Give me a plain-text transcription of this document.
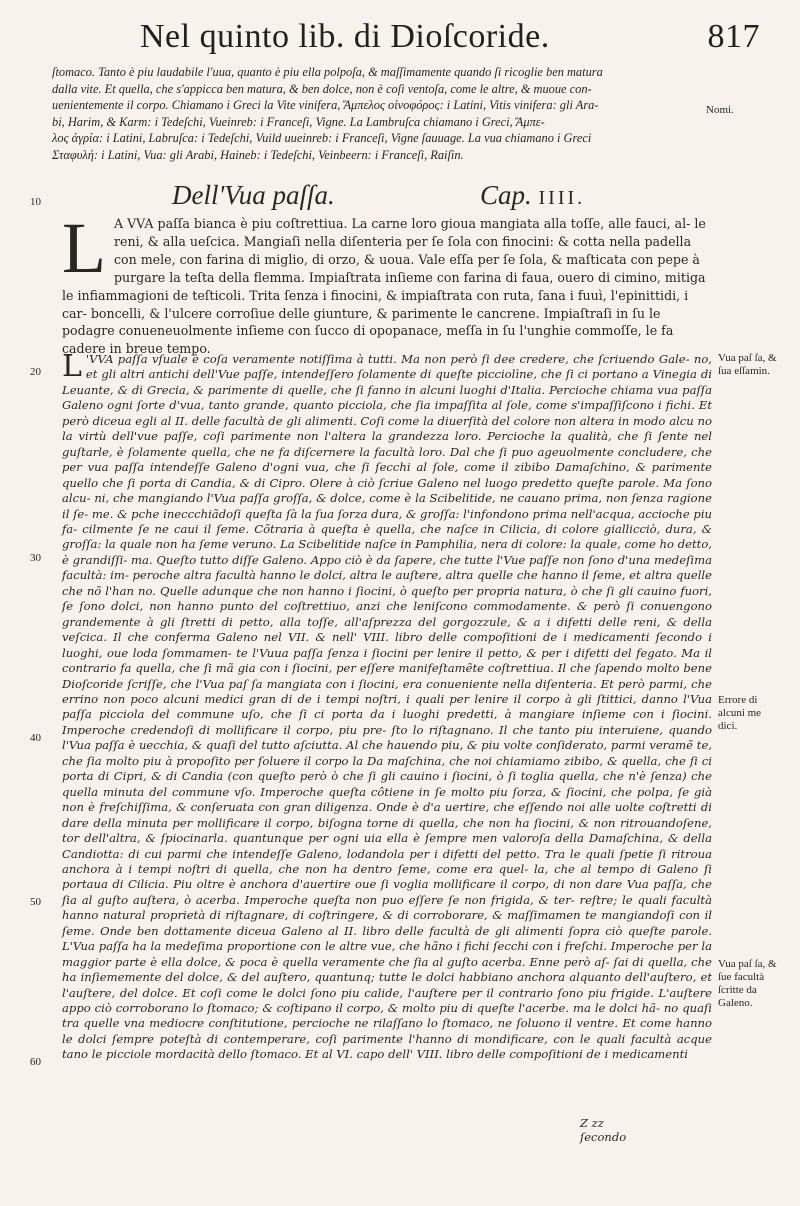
Nel quinto lib. di Dioſcoride.	817

ſtomaco. Tanto è piu laudabile l'uua, quanto è piu ella polpoſa, & maſſimamente quando ſi ricoglie ben matura

dalla vite. Et quella, che s'appicca ben matura, & ben dolce, non è coſi ventoſa, come le altre, & muoue con-

uenientemente il corpo. Chiamano i Greci la Vite vinifera, Ἄμπελος οἰνοφόρος: i Latini, Vitis vinifera: gli Ara-

bi, Harim, & Karm: i Tedeſchi, Vueinreb: i Franceſi, Vigne. La Lambruſca chiamano i Greci, Ἄμπε-

λος ἀγρία: i Latini, Labruſca: i Tedeſchi, Vuild uueinreb: i Franceſi, Vigne ſauuage. La vua chiamano i Greci

Σταφυλή: i Latini, Vua: gli Arabi, Haineb: i Tedeſchi, Veinbeern: i Franceſi, Raiſin.

Nomi.
Dell'Vua paſſa.	Cap. IIII.
L A VVA paſſa bianca è piu coſtrettiua. La carne loro gioua mangiata alla toſſe, alle fauci, al- le reni, & alla ueſcica. Mangiaſi nella diſenteria per ſe ſola con finocini: & cotta nella padella con mele, con farina di miglio, di orzo, & uoua. Vale eſſa per ſe ſola, & maſticata con pepe à purgare la teſta della flemma. Impiaſtrata inſieme con farina di faua, ouero di cimino, mitiga le infiammagioni de teſticoli. Trita ſenza i finocini, & impiaſtrata con ruta, ſana i fuuì, l'epinittidi, i car- boncelli, & l'ulcere corroſiue delle giunture, & parimente le cancrene. Impiaſtraſi in ſu le podagre conueneuolmente inſieme con ſucco di opopanace, meſſa in ſu l'unghie commoſſe, le fa cadere in breue tempo.
L 'VVA paſſa vſuale è coſa veramente notiſſima à tutti. Ma non però ſi dee credere, che ſcriuendo Gale- no, et gli altri antichi dell'Vue paſſe, intendeſſero ſolamente di queſte picciolìne, che ſi ci portano a Vinegia di Leuante, & di Grecia, & parimente di quelle, che ſi fanno in alcuni luoghi d'Italia. Percioche chiama vua paſſa Galeno ogni ſorte d'vua, tanto grande, quanto picciola, che ſia impaſſita al ſole, come s'impaſſiſcono i fichi. Et però diceua egli al II. delle facultà de gli alimenti. Coſi come la diuerſità del colore non altera in modo alcu no la virtù dell'vue paſſe, coſi parimente non l'altera la grandezza loro. Percioche la qualità, che ſi ſente nel guſtarle, è ſolamente quella, che ne fa diſcernere la facultà loro. Dal che ſi puo ageuolmente concludere, che per vua paſſa intendeſſe Galeno d'ogni vua, che ſi ſecchi al ſole, come il zibibo Damaſchino, & parimente quello che ſi porta di Candia, & di Cipro. Olere à ciò ſcriue Galeno nel luogo predetto queſte parole. Ma ſono alcu- ni, che mangiando l'Vua paſſa groſſa, & dolce, come è la Scibelitide, ne cauano prima, non ſenza ragione il ſe- me. & pche ineccchiãdoſi queſta ſà la ſua ſorza dura, & groſſa: l'infondono prima nell'acqua, accioche piu fa- cilmente ſe ne caui il ſeme. Cõtraria à queſta è quella, che naſce in Cilicia, di colore giallicciò, dura, & groſſa: la quale non ha ſeme veruno. La Scibelitide naſce in Pamphilia, nera di colore: la quale, come ho detto, è grandiſſi- ma. Queſto tutto diſſe Galeno. Appo ciò è da ſapere, che tutte l'Vue paſſe non ſono d'una medeſima facultà: im- peroche altra facultà hanno le dolci, altra le auſtere, altra quelle che hanno il ſeme, et altra quelle che nõ l'han no. Quelle adunque che non hanno i ſiocini, ò queſto per propria natura, ò che ſi gli cauino fuori, ſe ſono dolci, non hanno punto del coſtrettiuo, anzi che leniſcono commodamente. & però ſi conuengono grandemente à gli ſtretti di petto, alla toſſe, all'aſprezza del gorgozzule, & a i difetti delle reni, & della veſcica. Il che conferma Galeno nel VII. & nell' VIII. libro delle compoſitioni de i medicamenti ſecondo i luoghi, oue loda ſommamen- te l'Vuua paſſa ſenza i ſiocini per lenire il petto, & per i difetti del fegato. Ma il contrario fa quella, che ſi mã gia con i ſiocini, per eſſere manifeſtamẽte coſtrettiua. Il che ſapendo molto bene Dioſcoride ſcriſſe, che l'Vua paſ ſa mangiata con i ſiocini, era conueniente nella diſenteria. Et però parmi, che errino non poco alcuni medici gran di de i tempi noſtri, i quali per lenire il corpo à gli ſtittici, danno l'Vua paſſa picciola del commune uſo, che ſi ci porta da i luoghi predetti, à mangiare inſieme con i ſiocini. Imperoche credendoſi di mollificare il corpo, piu pre- ſto lo riſtagnano. Il che tanto piu interuiene, quando l'Vua paſſa è uecchia, & quaſi del tutto aſciutta. Al che hauendo piu, & piu volte conſiderato, parmi veramẽ te, che ſia molto piu à propoſito per ſoluere il corpo la Da maſchina, che noi chiamiamo zibibo, & quella, che ſi ci porta di Cipri, & di Candia (con queſto però ò che ſi gli cauino i ſiocini, ò ſi toglia quella, che n'è ſenza) che quella minuta del commune vſo. Imperoche queſta côtiene in ſe molto piu ſorza, & ſiocini, che polpa, ſe già non è freſchiſſima, & conſeruata con gran diligenza. Onde è d'a uertire, che eſſendo noi alle uolte coſtretti di dare della minuta per mollificare il corpo, biſogna torne di quella, che non ha ſiocini, & non ritrouandoſene, tor dell'altra, & ſpiocinarla. quantunque per ogni uia ella è ſempre men valoroſa della Damaſchina, & della Candiotta: di cui parmi che intendeſſe Galeno, lodandola per i difetti del petto. Tra le quali ſpetie ſi ritroua anchora à i tempi noſtri di quella, che non ha dentro ſeme, come era quel- la, che al tempo di Galeno ſi portaua di Cilicia. Piu oltre è anchora d'auertire oue ſi voglia mollificare il corpo, di non dare Vua paſſa, che ſia al guſto auſtera, ò acerba. Imperoche queſta non puo eſſere ſe non frigida, & ter- reſtre; le quali facultà hanno natural proprietà di riſtagnare, di coſtringere, & di corroborare, & maſſimamen te mangiandoſi con il ſeme. Onde ben dottamente diceua Galeno al II. libro delle facultà de gli alimenti ſopra ciò queſte parole. L'Vua paſſa ha la medeſima proportione con le altre vue, che hãno i fichi ſecchi con i freſchi. Imperoche per la maggior parte è ella dolce, & poca è quella veramente che ſia al guſto acerba. Enne però aſ- ſai di quella, che ha inſiememente del dolce, & del auſtero, quantunq; tutte le dolci habbiano anchora alquanto dell'auſtero, et l'auſtere, del dolce. Et coſi come le dolci ſono piu calide, l'auſtere per il contrario ſono piu frigide. L'auſtere appo ciò corroborano lo ſtomaco; & coſtipano il corpo, & molto piu di queſte l'acerbe. ma le dolci hã- no quaſi tra quelle vna mediocre conſtitutione, percioche ne rilaſſano lo ſtomaco, ne ſoluono il ventre. Et come hanno le dolci ſempre poteſtà di contemperare, coſi parimente l'hanno di mondificare, con le quali facultà acque tano le picciole mordacità dello ſtomaco. Et al VI. capo dell' VIII. libro delle compoſitioni de i medicamenti
Vua paſ ſa, & ſua eſſamin.
Errore di alcuni me dici.
Vua paſ ſa, & ſue facultà ſcritte da Galeno.
10
20
30
40
50
60
Z zz ſecondo
